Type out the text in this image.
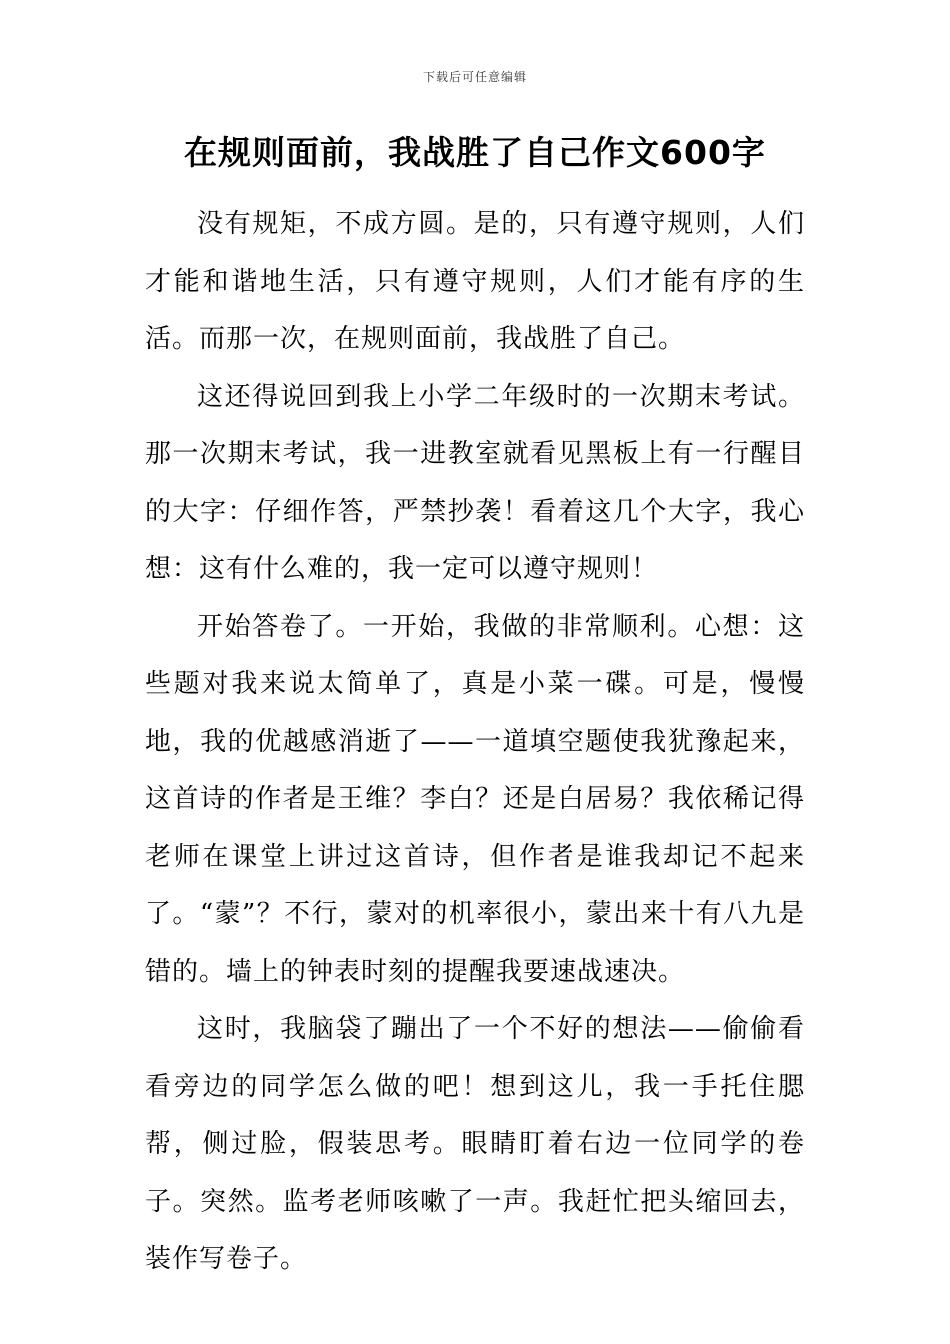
下载后可任意编辑
在规则面前，我战胜了自己作文600字

没有规矩，不成方圆。是的，只有遵守规则，人们才能和谐地生活，只有遵守规则，人们才能有序的生活。而那一次，在规则面前，我战胜了自己。

这还得说回到我上小学二年级时的一次期末考试。那一次期末考试，我一进教室就看见黑板上有一行醒目的大字：仔细作答，严禁抄袭！看着这几个大字，我心想：这有什么难的，我一定可以遵守规则！

开始答卷了。一开始，我做的非常顺利。心想：这些题对我来说太简单了，真是小菜一碟。可是，慢慢地，我的优越感消逝了——一道填空题使我犹豫起来，这首诗的作者是王维？李白？还是白居易？我依稀记得老师在课堂上讲过这首诗，但作者是谁我却记不起来了。“蒙”？不行，蒙对的机率很小，蒙出来十有八九是错的。墙上的钟表时刻的提醒我要速战速决。

这时，我脑袋了蹦出了一个不好的想法——偷偷看看旁边的同学怎么做的吧！想到这儿，我一手托住腮帮，侧过脸，假装思考。眼睛盯着右边一位同学的卷子。突然。监考老师咳嗽了一声。我赶忙把头缩回去，装作写卷子。
